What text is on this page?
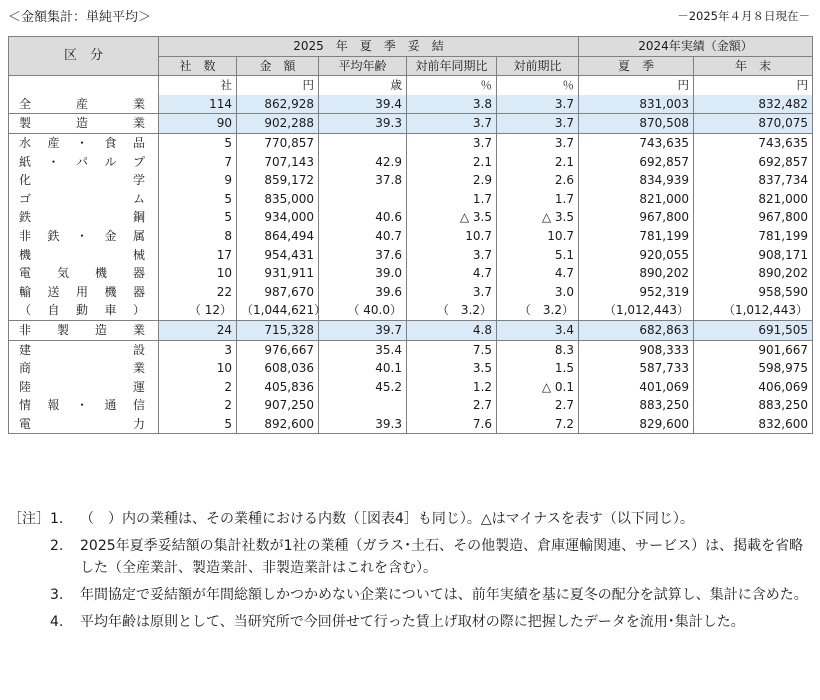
＜金額集計：単純平均＞	－2025年４月８日現在－
区　分	2025　年　夏　季　妥　結					2024年実績（金額）	
	社　数	金　額	平均年齢	対前年同期比	対前期比	夏　季	年　末
	社	円	歳	％	％	円	円

全産業	114	862,928	39.4	3.8	3.7	831,003	832,482

製造業	90	902,288	39.3	3.7	3.7	870,508	870,075

水産・食品	5	770,857		3.7	3.7	743,635	743,635

紙・パルプ	7	707,143	42.9	2.1	2.1	692,857	692,857

化学	9	859,172	37.8	2.9	2.6	834,939	837,734

ゴム	5	835,000		1.7	1.7	821,000	821,000

鉄鋼	5	934,000	40.6	△ 3.5	△ 3.5	967,800	967,800

非鉄・金属	8	864,494	40.7	10.7	10.7	781,199	781,199

機械	17	954,431	37.6	3.7	5.1	920,055	908,171

電気機器	10	931,911	39.0	4.7	4.7	890,202	890,202

輸送用機器	22	987,670	39.6	3.7	3.0	952,319	958,590

（自動車）	（ 12）	（1,044,621）	（ 40.0）	（　3.2）	（　3.2）	（1,012,443）	（1,012,443）

非製造業	24	715,328	39.7	4.8	3.4	682,863	691,505

建設	3	976,667	35.4	7.5	8.3	908,333	901,667

商業	10	608,036	40.1	3.5	1.5	587,733	598,975

陸運	2	405,836	45.2	1.2	△ 0.1	401,069	406,069

情報・通信	2	907,250		2.7	2.7	883,250	883,250

電力	5	892,600	39.3	7.6	7.2	829,600	832,600
［注］ 1.	（　）内の業種は、その業種における内数（［図表4］も同じ）。△はマイナスを表す（以下同じ）。
2.	2025年夏季妥結額の集計社数が1社の業種（ガラス･土石、その他製造、倉庫運輸関連、サービス）は、掲載を省略した（全産業計、製造業計、非製造業計はこれを含む）。
3.	年間協定で妥結額が年間総額しかつかめない企業については、前年実績を基に夏冬の配分を試算し、集計に含めた。
4.	平均年齢は原則として、当研究所で今回併せて行った賃上げ取材の際に把握したデータを流用･集計した。
